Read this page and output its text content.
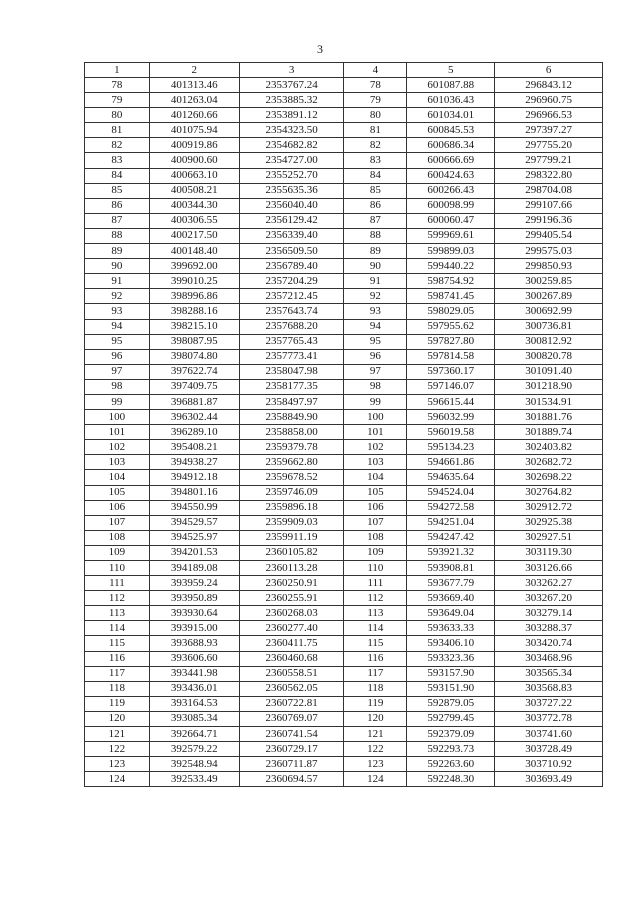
3
1	2	3	4	5	6
78	401313.46	2353767.24	78	601087.88	296843.12
79	401263.04	2353885.32	79	601036.43	296960.75
80	401260.66	2353891.12	80	601034.01	296966.53
81	401075.94	2354323.50	81	600845.53	297397.27
82	400919.86	2354682.82	82	600686.34	297755.20
83	400900.60	2354727.00	83	600666.69	297799.21
84	400663.10	2355252.70	84	600424.63	298322.80
85	400508.21	2355635.36	85	600266.43	298704.08
86	400344.30	2356040.40	86	600098.99	299107.66
87	400306.55	2356129.42	87	600060.47	299196.36
88	400217.50	2356339.40	88	599969.61	299405.54
89	400148.40	2356509.50	89	599899.03	299575.03
90	399692.00	2356789.40	90	599440.22	299850.93
91	399010.25	2357204.29	91	598754.92	300259.85
92	398996.86	2357212.45	92	598741.45	300267.89
93	398288.16	2357643.74	93	598029.05	300692.99
94	398215.10	2357688.20	94	597955.62	300736.81
95	398087.95	2357765.43	95	597827.80	300812.92
96	398074.80	2357773.41	96	597814.58	300820.78
97	397622.74	2358047.98	97	597360.17	301091.40
98	397409.75	2358177.35	98	597146.07	301218.90
99	396881.87	2358497.97	99	596615.44	301534.91
100	396302.44	2358849.90	100	596032.99	301881.76
101	396289.10	2358858.00	101	596019.58	301889.74
102	395408.21	2359379.78	102	595134.23	302403.82
103	394938.27	2359662.80	103	594661.86	302682.72
104	394912.18	2359678.52	104	594635.64	302698.22
105	394801.16	2359746.09	105	594524.04	302764.82
106	394550.99	2359896.18	106	594272.58	302912.72
107	394529.57	2359909.03	107	594251.04	302925.38
108	394525.97	2359911.19	108	594247.42	302927.51
109	394201.53	2360105.82	109	593921.32	303119.30
110	394189.08	2360113.28	110	593908.81	303126.66
111	393959.24	2360250.91	111	593677.79	303262.27
112	393950.89	2360255.91	112	593669.40	303267.20
113	393930.64	2360268.03	113	593649.04	303279.14
114	393915.00	2360277.40	114	593633.33	303288.37
115	393688.93	2360411.75	115	593406.10	303420.74
116	393606.60	2360460.68	116	593323.36	303468.96
117	393441.98	2360558.51	117	593157.90	303565.34
118	393436.01	2360562.05	118	593151.90	303568.83
119	393164.53	2360722.81	119	592879.05	303727.22
120	393085.34	2360769.07	120	592799.45	303772.78
121	392664.71	2360741.54	121	592379.09	303741.60
122	392579.22	2360729.17	122	592293.73	303728.49
123	392548.94	2360711.87	123	592263.60	303710.92
124	392533.49	2360694.57	124	592248.30	303693.49
